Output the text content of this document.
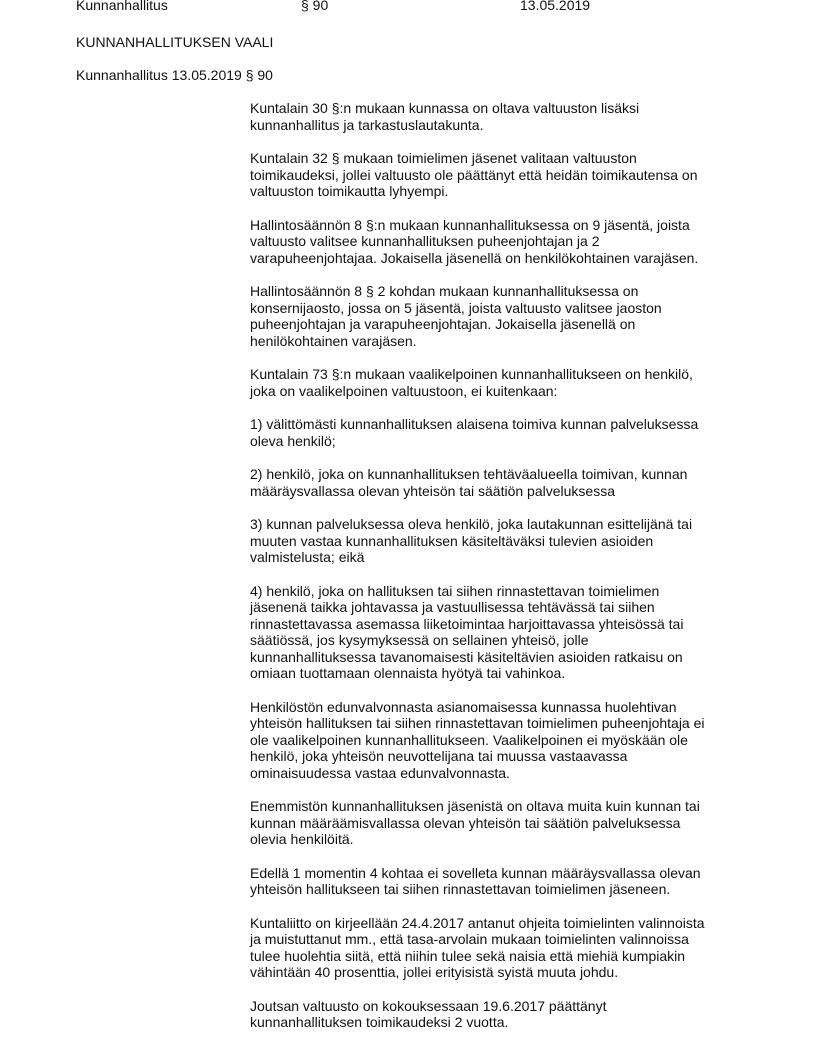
Kunnanhallitus	§ 90	13.05.2019
KUNNANHALLITUKSEN VAALI
Kunnanhallitus 13.05.2019 § 90

Kuntalain 30 §:n mukaan kunnassa on oltava valtuuston lisäksi
kunnanhallitus ja tarkastuslautakunta.

Kuntalain 32 § mukaan toimielimen jäsenet valitaan valtuuston
toimikaudeksi, jollei valtuusto ole päättänyt että heidän toimikautensa on
valtuuston toimikautta lyhyempi.

Hallintosäännön 8 §:n mukaan kunnanhallituksessa on 9 jäsentä, joista
valtuusto valitsee kunnanhallituksen puheenjohtajan ja 2
varapuheenjohtajaa. Jokaisella jäsenellä on henkilökohtainen varajäsen.

Hallintosäännön 8 § 2 kohdan mukaan kunnanhallituksessa on
konsernijaosto, jossa on 5 jäsentä, joista valtuusto valitsee jaoston
puheenjohtajan ja varapuheenjohtajan. Jokaisella jäsenellä on
henilökohtainen varajäsen.

Kuntalain 73 §:n mukaan vaalikelpoinen kunnanhallitukseen on henkilö,
joka on vaalikelpoinen valtuustoon, ei kuitenkaan:

1) välittömästi kunnanhallituksen alaisena toimiva kunnan palveluksessa
oleva henkilö;

2) henkilö, joka on kunnanhallituksen tehtäväalueella toimivan, kunnan
määräysvallassa olevan yhteisön tai säätiön palveluksessa

3) kunnan palveluksessa oleva henkilö, joka lautakunnan esittelijänä tai
muuten vastaa kunnanhallituksen käsiteltäväksi tulevien asioiden
valmistelusta; eikä

4) henkilö, joka on hallituksen tai siihen rinnastettavan toimielimen
jäsenenä taikka johtavassa ja vastuullisessa tehtävässä tai siihen
rinnastettavassa asemassa liiketoimintaa harjoittavassa yhteisössä tai
säätiössä, jos kysymyksessä on sellainen yhteisö, jolle
kunnanhallituksessa tavanomaisesti käsiteltävien asioiden ratkaisu on
omiaan tuottamaan olennaista hyötyä tai vahinkoa.

Henkilöstön edunvalvonnasta asianomaisessa kunnassa huolehtivan
yhteisön hallituksen tai siihen rinnastettavan toimielimen puheenjohtaja ei
ole vaalikelpoinen kunnanhallitukseen. Vaalikelpoinen ei myöskään ole
henkilö, joka yhteisön neuvottelijana tai muussa vastaavassa
ominaisuudessa vastaa edunvalvonnasta.

Enemmistön kunnanhallituksen jäsenistä on oltava muita kuin kunnan tai
kunnan määräämisvallassa olevan yhteisön tai säätiön palveluksessa
olevia henkilöitä.

Edellä 1 momentin 4 kohtaa ei sovelleta kunnan määräysvallassa olevan
yhteisön hallitukseen tai siihen rinnastettavan toimielimen jäseneen.

Kuntaliitto on kirjeellään 24.4.2017 antanut ohjeita toimielinten valinnoista
ja muistuttanut mm., että tasa-arvolain mukaan toimielinten valinnoissa
tulee huolehtia siitä, että niihin tulee sekä naisia että miehiä kumpiakin
vähintään 40 prosenttia, jollei erityisistä syistä muuta johdu.

Joutsan valtuusto on kokouksessaan 19.6.2017 päättänyt
kunnanhallituksen toimikaudeksi 2 vuotta.
